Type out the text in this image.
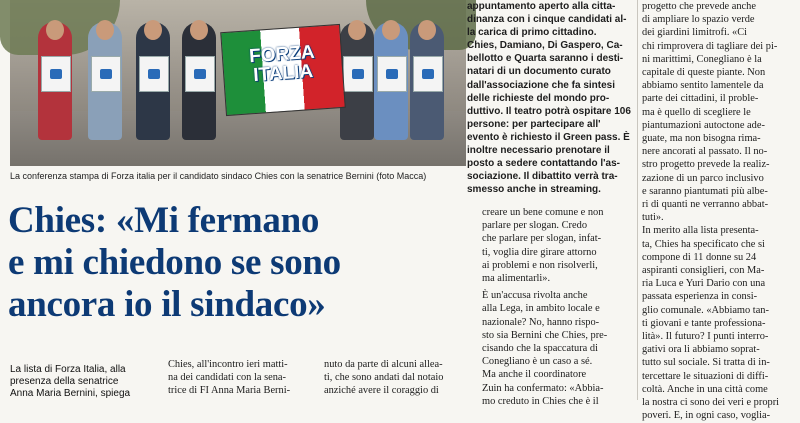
FORZA ITALIA
La conferenza stampa di Forza italia per il candidato sindaco Chies con la senatrice Bernini (foto Macca)
Chies: «Mi fermano
e mi chiedono se sono
ancora io il sindaco»
La lista di Forza Italia, alla
presenza della senatrice
Anna Maria Bernini, spiega
appuntamento aperto alla citta-
dinanza con i cinque candidati al-
la carica di primo cittadino.
Chies, Damiano, Di Gaspero, Ca-
bellotto e Quarta saranno i desti-
natari di un documento curato
dall'associazione che fa sintesi
delle richieste del mondo pro-
duttivo. Il teatro potrà ospitare 106
persone: per partecipare all'
evento è richiesto il Green pass. È
inoltre necessario prenotare il
posto a sedere contattando l'as-
sociazione. Il dibattito verrà tra-
smesso anche in streaming.
creare un bene comune e non
parlare per slogan. Credo
che parlare per slogan, infat-
ti, voglia dire girare attorno
ai problemi e non risolverli,
ma alimentarli».
È un'accusa rivolta anche
alla Lega, in ambito locale e
nazionale? No, hanno rispo-
sto sia Bernini che Chies, pre-
cisando che la spaccatura di
Conegliano è un caso a sé.
Ma anche il coordinatore
Zuin ha confermato: «Abbia-
mo creduto in Chies che è il
Chies, all'incontro ieri matti-
na dei candidati con la sena-
trice di FI Anna Maria Berni-
nuto da parte di alcuni allea-
ti, che sono andati dal notaio
anziché avere il coraggio di
progetto che prevede anche
di ampliare lo spazio verde
dei giardini limitrofi. «Ci
chi rimprovera di tagliare dei pi-
ni marittimi, Conegliano è la
capitale di queste piante. Non
abbiamo sentito lamentele da
parte dei cittadini, il proble-
ma è quello di scegliere le
piantumazioni autoctone ade-
guate, ma non bisogna rima-
nere ancorati al passato. Il no-
stro progetto prevede la realiz-
zazione di un parco inclusivo
e saranno piantumati più albe-
ri di quanti ne verranno abbat-
tuti».
In merito alla lista presenta-
ta, Chies ha specificato che si
compone di 11 donne su 24
aspiranti consiglieri, con Ma-
ria Luca e Yuri Dario con una
passata esperienza in consi-
glio comunale. «Abbiamo tan-
ti giovani e tante professiona-
lità». Il futuro? I punti interro-
gativi ora li abbiamo soprat-
tutto sul sociale. Si tratta di in-
tercettare le situazioni di diffi-
coltà. Anche in una città come
la nostra ci sono dei veri e propri
poveri. E, in ogni caso, voglia-
